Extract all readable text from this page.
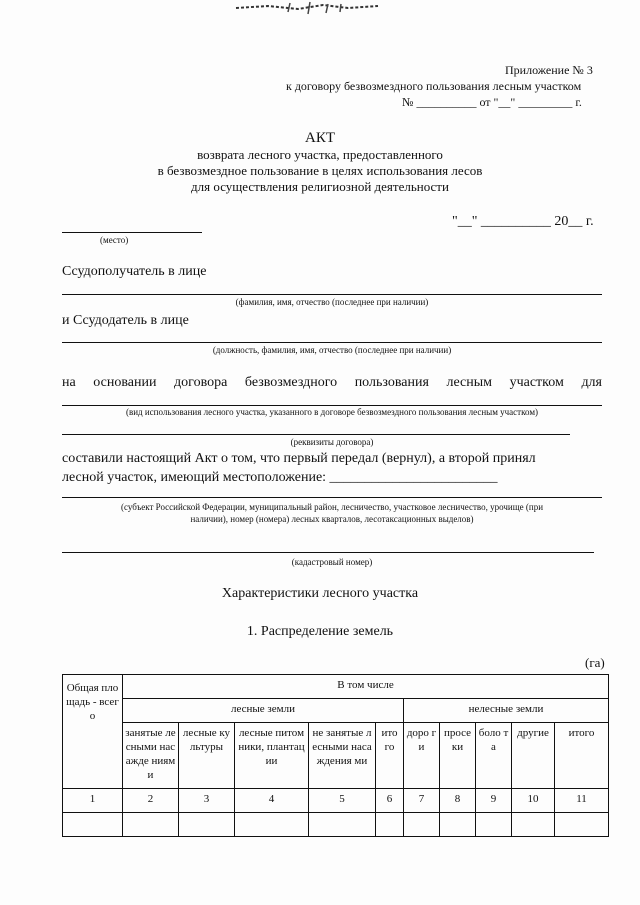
Приложение № 3
к договору безвозмездного пользования лесным участком
№ __________ от "__" _________ г.
АКТ
возврата лесного участка, предоставленного
в безвозмездное пользование в целях использования лесов
для осуществления религиозной деятельности
(место)
"__" __________ 20__ г.
Ссудополучатель в лице
(фамилия, имя, отчество (последнее при наличии)
и Ссудодатель в лице
(должность, фамилия, имя, отчество (последнее при наличии)
на основании договора безвозмездного пользования лесным участком для
(вид использования лесного участка, указанного в договоре безвозмездного пользования лесным участком)
(реквизиты договора)
составили настоящий Акт о том, что первый передал (вернул), а второй принял
лесной участок, имеющий местоположение: ________________________
(субъект Российской Федерации, муниципальный район, лесничество, участковое лесничество, урочище (при
наличии), номер (номера) лесных кварталов, лесотаксационных выделов)
(кадастровый номер)
Характеристики лесного участка
1. Распределение земель
(га)
Общая площадь - всего	В том числе									
	лесные земли					нелесные земли				
	занятые лесными насажде ниями	лесные культуры	лесные питомники, плантации	не занятые лесными насаждения ми	ито го	доро ги	просе ки	боло та	другие	итого
1	2	3	4	5	6	7	8	9	10	11
